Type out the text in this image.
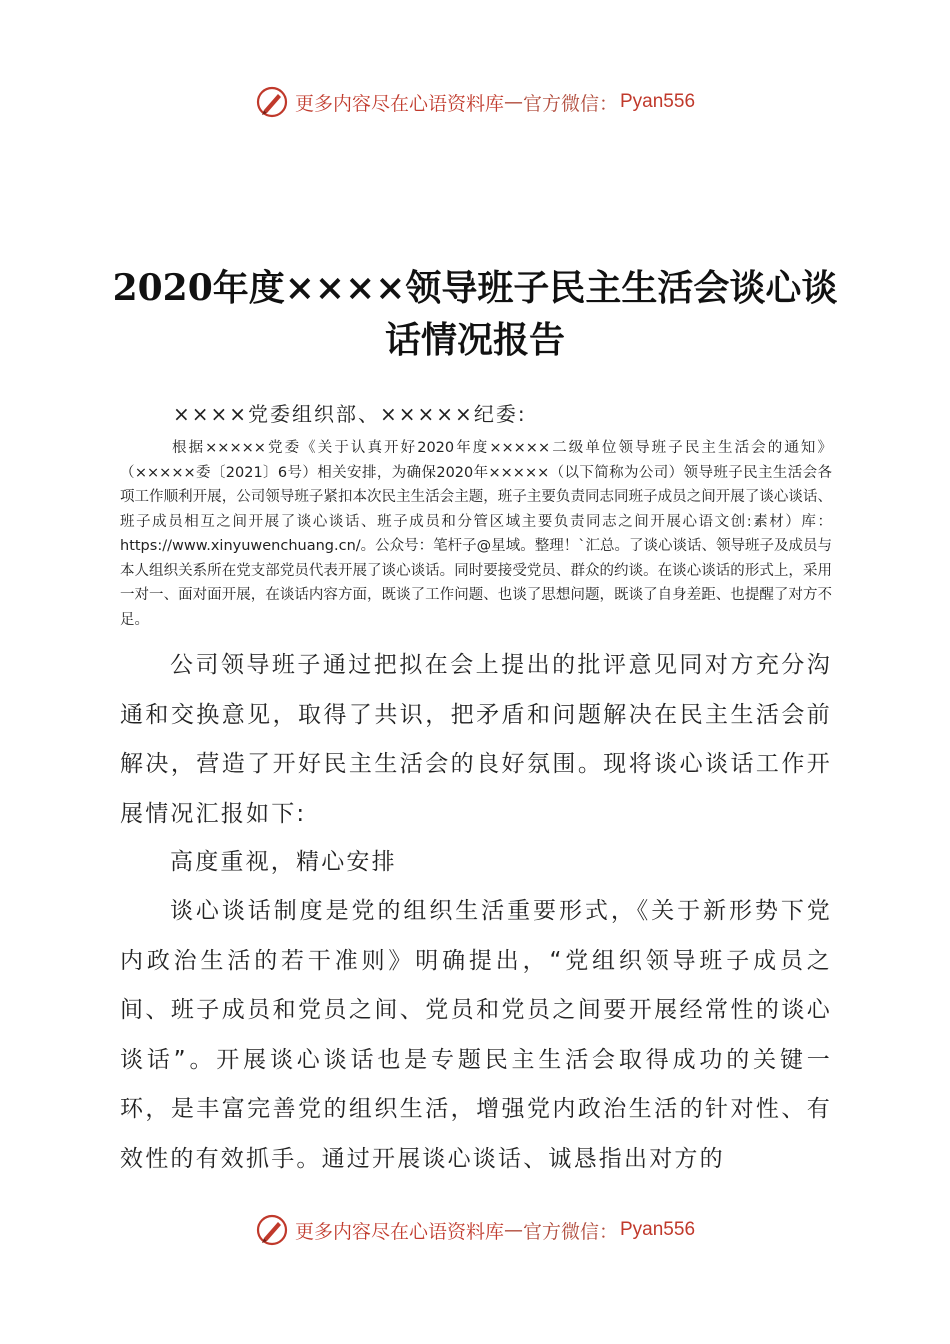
更多内容尽在心语资料库 — 官方微信： Pyan556
2020年度××××领导班子民主生活会谈心谈
话情况报告
××××党委组织部、×××××纪委:
根据×××××党委《关于认真开好2020年度×××××二级单位领导班子民主生活会的通知》（×××××委〔2021〕6号）相关安排，为确保2020年×××××（以下简称为公司）领导班子民主生活会各项工作顺利开展，公司领导班子紧扣本次民主生活会主题，班子主要负责同志同班子成员之间开展了谈心谈话、班子成员相互之间开展了谈心谈话、班子成员和分管区域主要负责同志之间开展心语文创:素材）库：https://www.xinyuwenchuang.cn/。公众号：笔杆子@星域。整理！`汇总。了谈心谈话、领导班子及成员与本人组织关系所在党支部党员代表开展了谈心谈话。同时要接受党员、群众的约谈。在谈心谈话的形式上，采用一对一、面对面开展，在谈话内容方面，既谈了工作问题、也谈了思想问题，既谈了自身差距、也提醒了对方不足。
公司领导班子通过把拟在会上提出的批评意见同对方充分沟通和交换意见，取得了共识，把矛盾和问题解决在民主生活会前解决，营造了开好民主生活会的良好氛围。现将谈心谈话工作开展情况汇报如下:
高度重视，精心安排
谈心谈话制度是党的组织生活重要形式，《关于新形势下党内政治生活的若干准则》明确提出，“党组织领导班子成员之间、班子成员和党员之间、党员和党员之间要开展经常性的谈心谈话”。开展谈心谈话也是专题民主生活会取得成功的关键一环，是丰富完善党的组织生活，增强党内政治生活的针对性、有效性的有效抓手。通过开展谈心谈话、诚恳指出对方的
更多内容尽在心语资料库 — 官方微信： Pyan556
